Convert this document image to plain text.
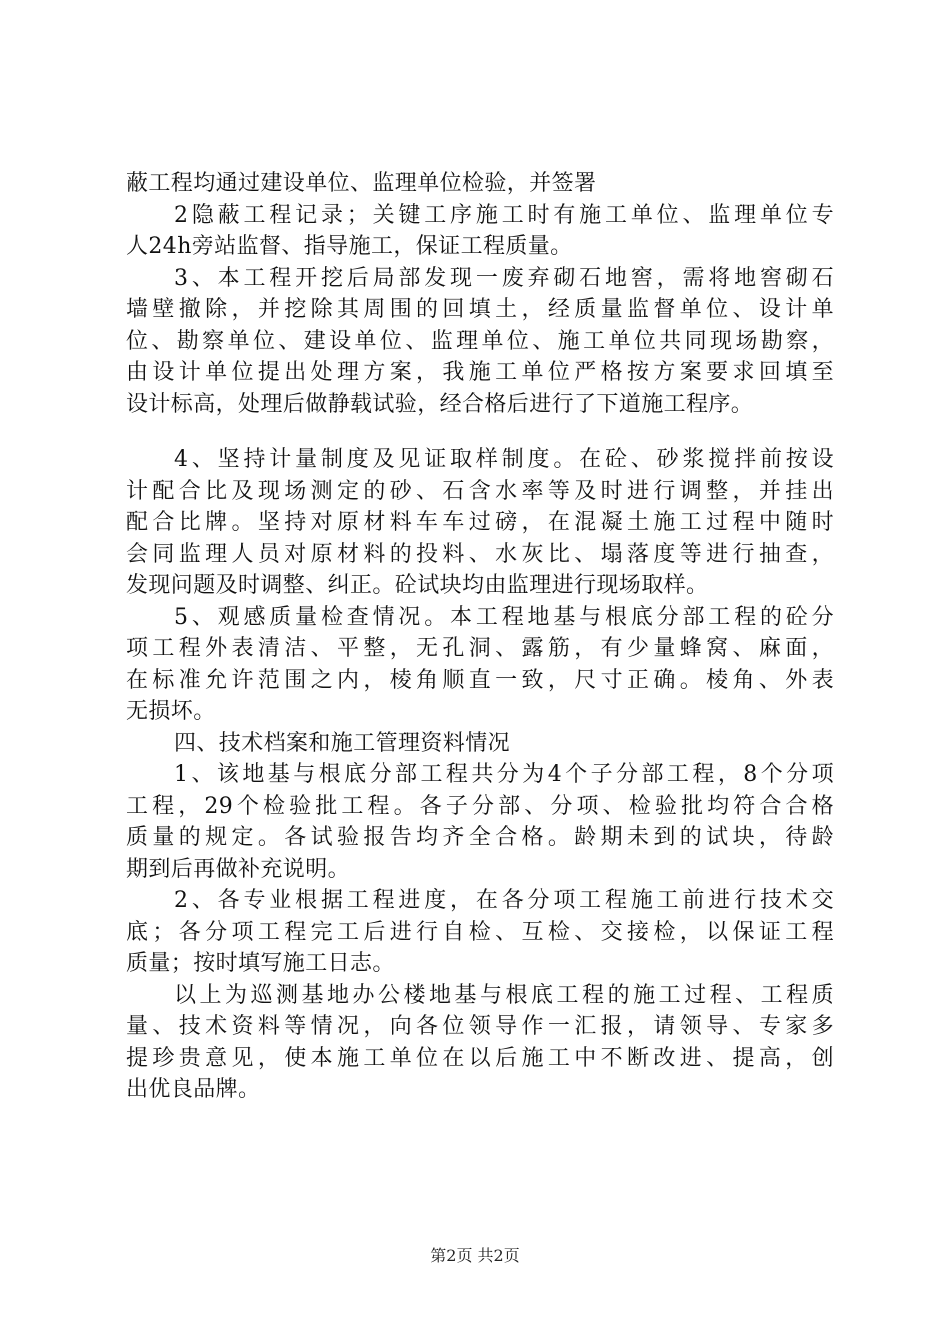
蔽工程均通过建设单位、监理单位检验，并签署
2隐蔽工程记录；关键工序施工时有施工单位、监理单位专
人24h旁站监督、指导施工，保证工程质量。
3、本工程开挖后局部发现一废弃砌石地窖，需将地窖砌石
墙壁撤除，并挖除其周围的回填土，经质量监督单位、设计单
位、勘察单位、建设单位、监理单位、施工单位共同现场勘察，
由设计单位提出处理方案，我施工单位严格按方案要求回填至
设计标高，处理后做静载试验，经合格后进行了下道施工程序。
4、坚持计量制度及见证取样制度。在砼、砂浆搅拌前按设
计配合比及现场测定的砂、石含水率等及时进行调整，并挂出
配合比牌。坚持对原材料车车过磅，在混凝土施工过程中随时
会同监理人员对原材料的投料、水灰比、塌落度等进行抽查，
发现问题及时调整、纠正。砼试块均由监理进行现场取样。
5、观感质量检查情况。本工程地基与根底分部工程的砼分
项工程外表清洁、平整，无孔洞、露筋，有少量蜂窝、麻面，
在标准允许范围之内，棱角顺直一致，尺寸正确。棱角、外表
无损坏。
四、技术档案和施工管理资料情况
1、该地基与根底分部工程共分为4个子分部工程，8个分项
工程，29个检验批工程。各子分部、分项、检验批均符合合格
质量的规定。各试验报告均齐全合格。龄期未到的试块，待龄
期到后再做补充说明。
2、各专业根据工程进度，在各分项工程施工前进行技术交
底；各分项工程完工后进行自检、互检、交接检，以保证工程
质量；按时填写施工日志。
以上为巡测基地办公楼地基与根底工程的施工过程、工程质
量、技术资料等情况，向各位领导作一汇报，请领导、专家多
提珍贵意见，使本施工单位在以后施工中不断改进、提高，创
出优良品牌。
第2页 共2页
